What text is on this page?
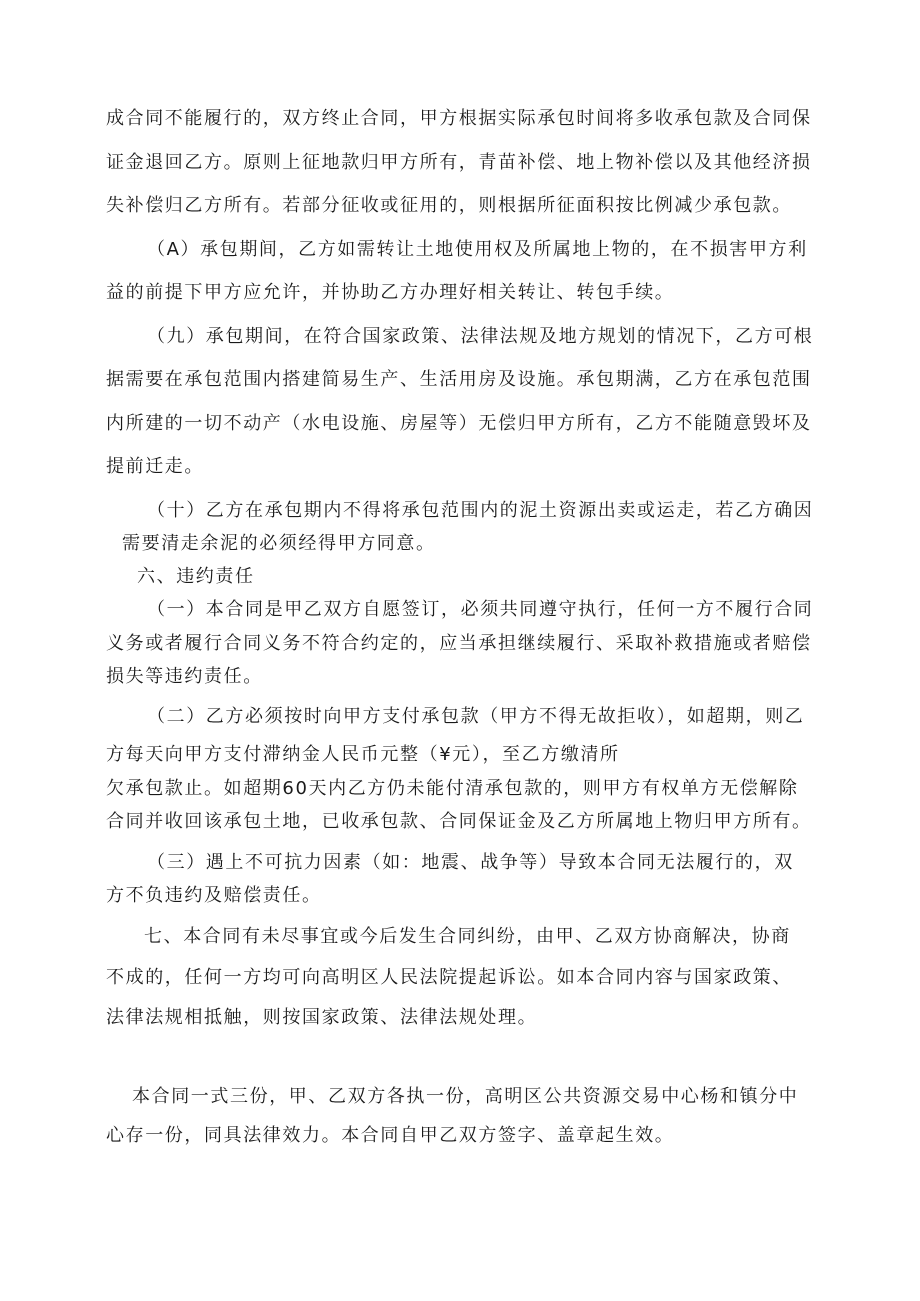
成合同不能履行的，双方终止合同，甲方根据实际承包时间将多收承包款及合同保
证金退回乙方。原则上征地款归甲方所有，青苗补偿、地上物补偿以及其他经济损
失补偿归乙方所有。若部分征收或征用的，则根据所征面积按比例减少承包款。
（A）承包期间，乙方如需转让土地使用权及所属地上物的，在不损害甲方利
益的前提下甲方应允许，并协助乙方办理好相关转让、转包手续。
（九）承包期间，在符合国家政策、法律法规及地方规划的情况下，乙方可根
据需要在承包范围内搭建简易生产、生活用房及设施。承包期满，乙方在承包范围
内所建的一切不动产（水电设施、房屋等）无偿归甲方所有，乙方不能随意毁坏及
提前迁走。
（十）乙方在承包期内不得将承包范围内的泥土资源出卖或运走，若乙方确因
需要清走余泥的必须经得甲方同意。
六、违约责任
（一）本合同是甲乙双方自愿签订，必须共同遵守执行，任何一方不履行合同
义务或者履行合同义务不符合约定的，应当承担继续履行、采取补救措施或者赔偿
损失等违约责任。
（二）乙方必须按时向甲方支付承包款（甲方不得无故拒收），如超期，则乙
方每天向甲方支付滞纳金人民币元整（¥元），至乙方缴清所
欠承包款止。如超期60天内乙方仍未能付清承包款的，则甲方有权单方无偿解除
合同并收回该承包土地，已收承包款、合同保证金及乙方所属地上物归甲方所有。
（三）遇上不可抗力因素（如：地震、战争等）导致本合同无法履行的，双
方不负违约及赔偿责任。
七、本合同有未尽事宜或今后发生合同纠纷，由甲、乙双方协商解决，协商
不成的，任何一方均可向高明区人民法院提起诉讼。如本合同内容与国家政策、
法律法规相抵触，则按国家政策、法律法规处理。
本合同一式三份，甲、乙双方各执一份，高明区公共资源交易中心杨和镇分中
心存一份，同具法律效力。本合同自甲乙双方签字、盖章起生效。
